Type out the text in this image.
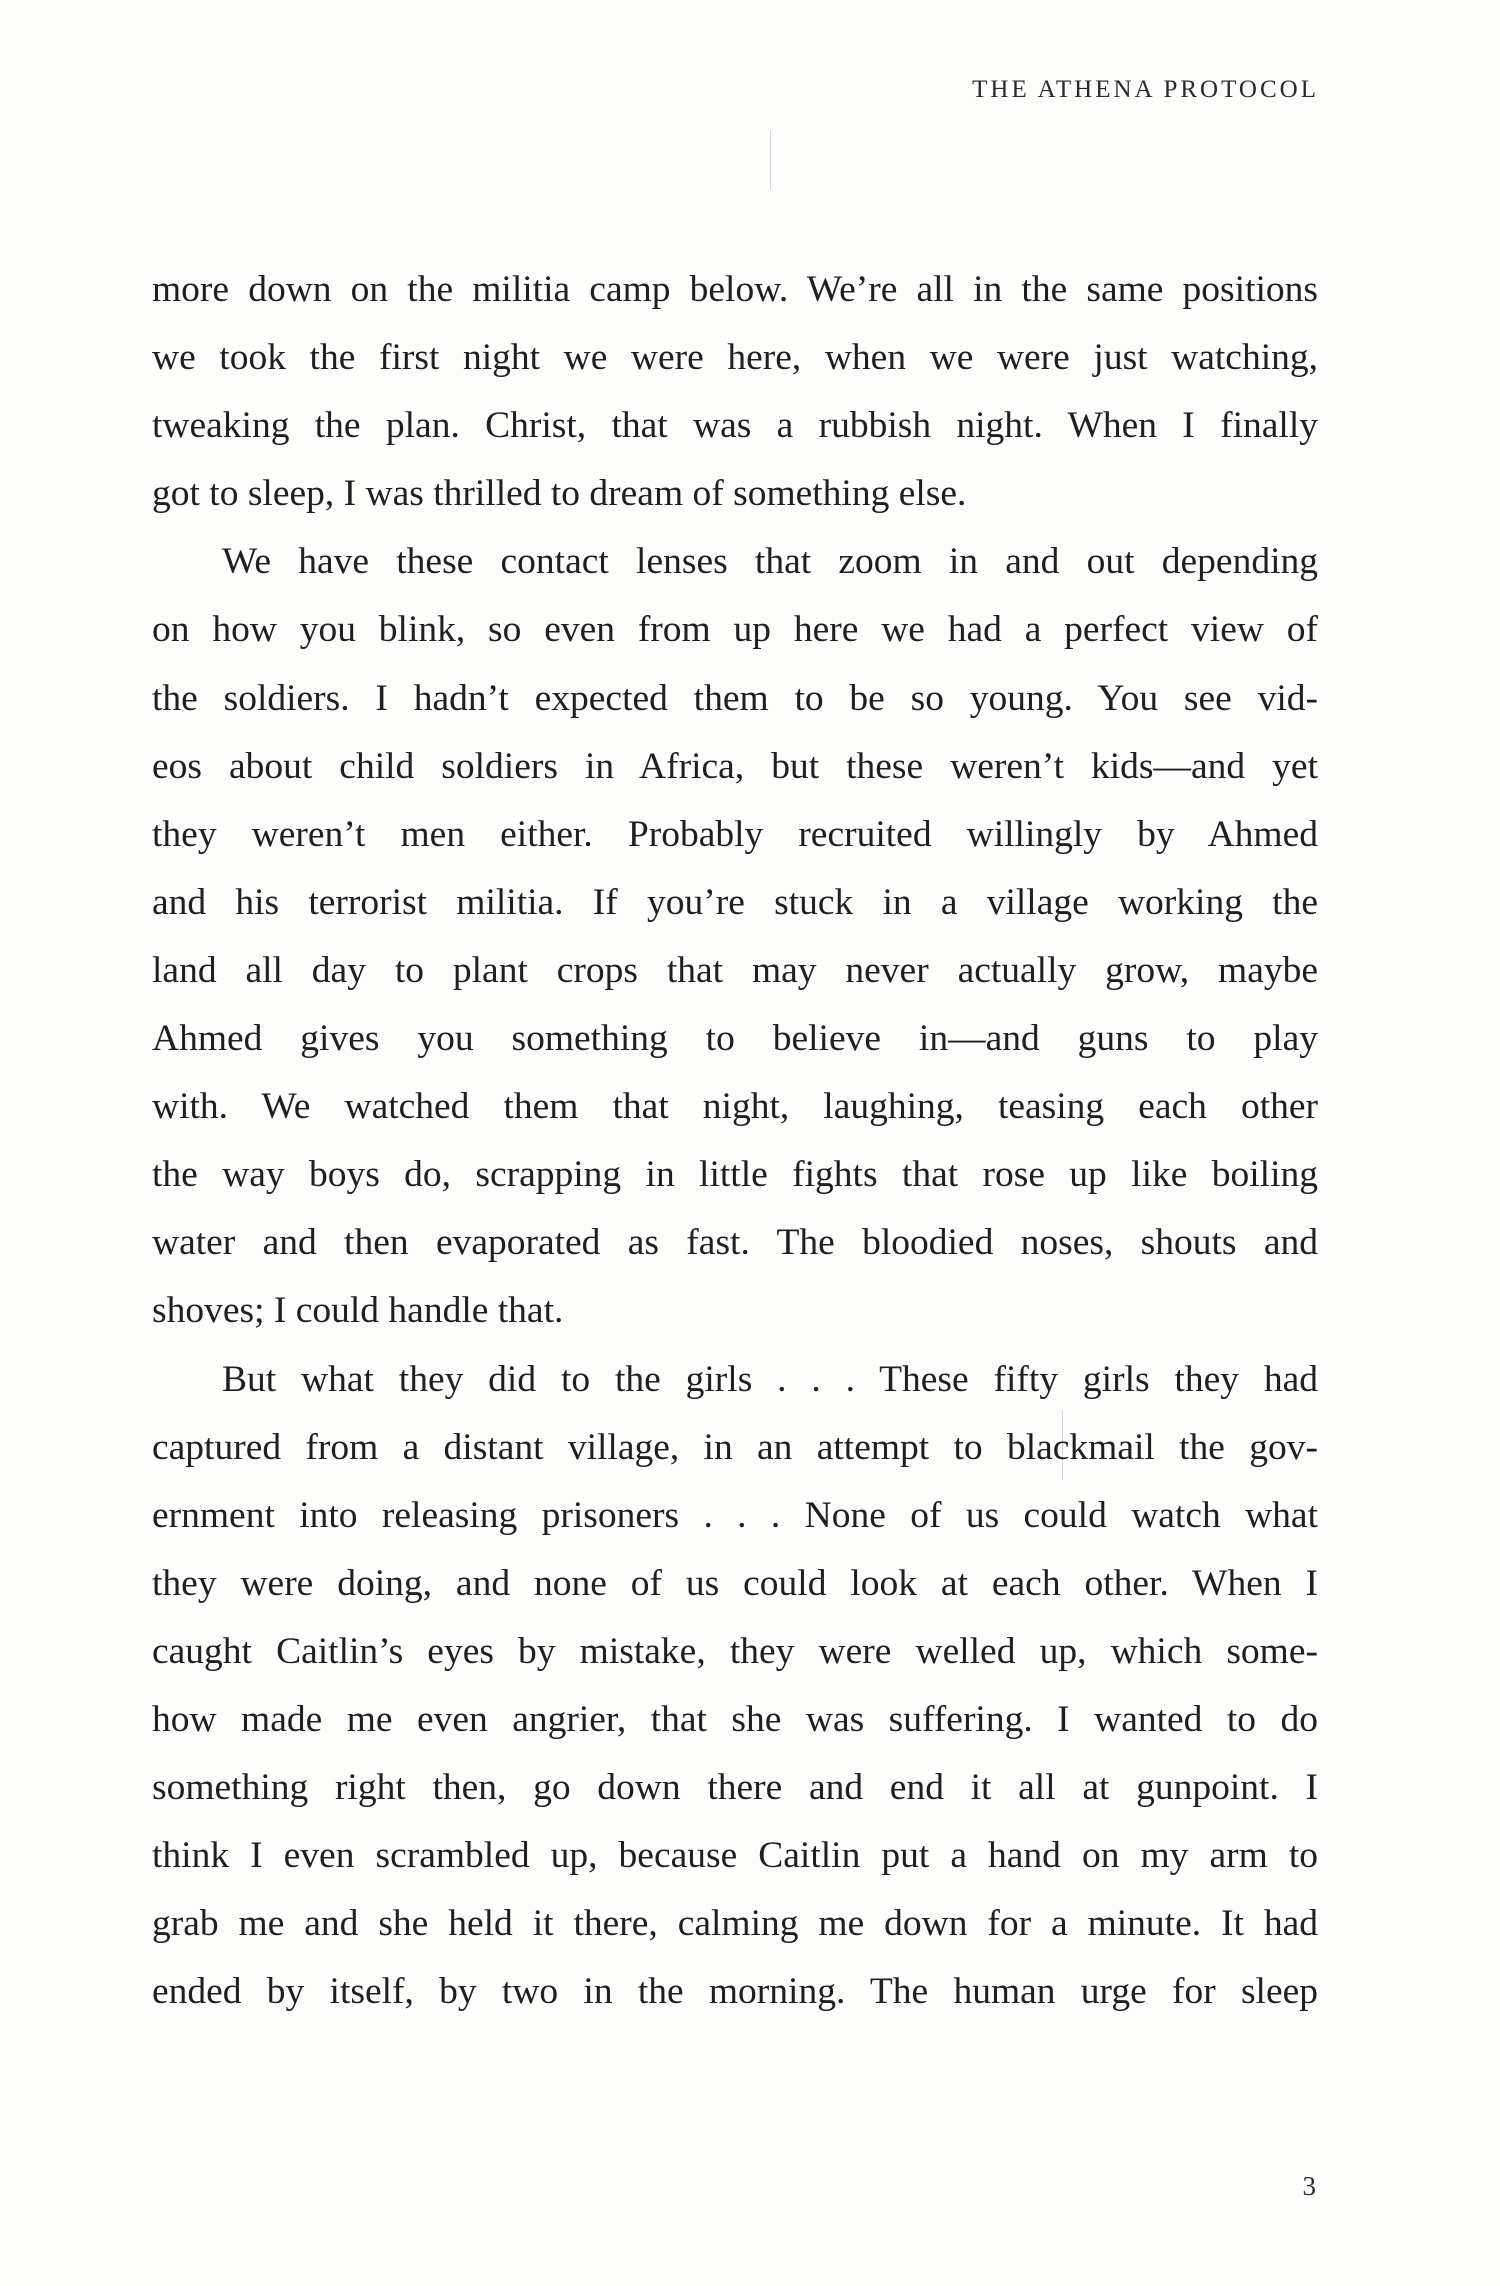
THE ATHENA PROTOCOL
more down on the militia camp below. We’re all in the same positions
we took the first night we were here, when we were just watching,
tweaking the plan. Christ, that was a rubbish night. When I finally
got to sleep, I was thrilled to dream of something else.
We have these contact lenses that zoom in and out depending
on how you blink, so even from up here we had a perfect view of
the soldiers. I hadn’t expected them to be so young. You see vid-
eos about child soldiers in Africa, but these weren’t kids—and yet
they weren’t men either. Probably recruited willingly by Ahmed
and his terrorist militia. If you’re stuck in a village working the
land all day to plant crops that may never actually grow, maybe
Ahmed gives you something to believe in—and guns to play
with. We watched them that night, laughing, teasing each other
the way boys do, scrapping in little fights that rose up like boiling
water and then evaporated as fast. The bloodied noses, shouts and
shoves; I could handle that.
But what they did to the girls . . . These fifty girls they had
captured from a distant village, in an attempt to blackmail the gov-
ernment into releasing prisoners . . . None of us could watch what
they were doing, and none of us could look at each other. When I
caught Caitlin’s eyes by mistake, they were welled up, which some-
how made me even angrier, that she was suffering. I wanted to do
something right then, go down there and end it all at gunpoint. I
think I even scrambled up, because Caitlin put a hand on my arm to
grab me and she held it there, calming me down for a minute. It had
ended by itself, by two in the morning. The human urge for sleep
3
